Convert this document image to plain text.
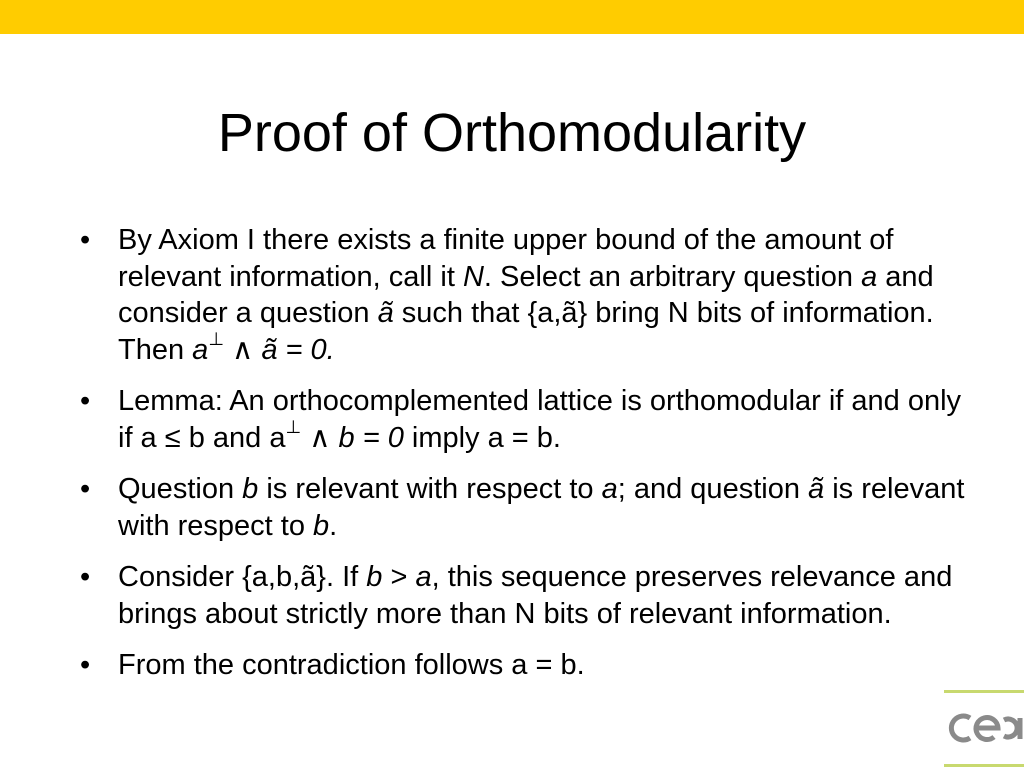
Proof of Orthomodularity
• By Axiom I there exists a finite upper bound of the amount of relevant information, call it N. Select an arbitrary question a and consider a question ã such that {a,ã} bring N bits of information. Then a⊥ ∧ ã = 0.
• Lemma: An orthocomplemented lattice is orthomodular if and only if a ≤ b and a⊥ ∧ b = 0 imply a = b.
• Question b is relevant with respect to a; and question ã is relevant with respect to b.
• Consider {a,b,ã}. If b > a, this sequence preserves relevance and brings about strictly more than N bits of relevant information.
• From the contradiction follows a = b.
